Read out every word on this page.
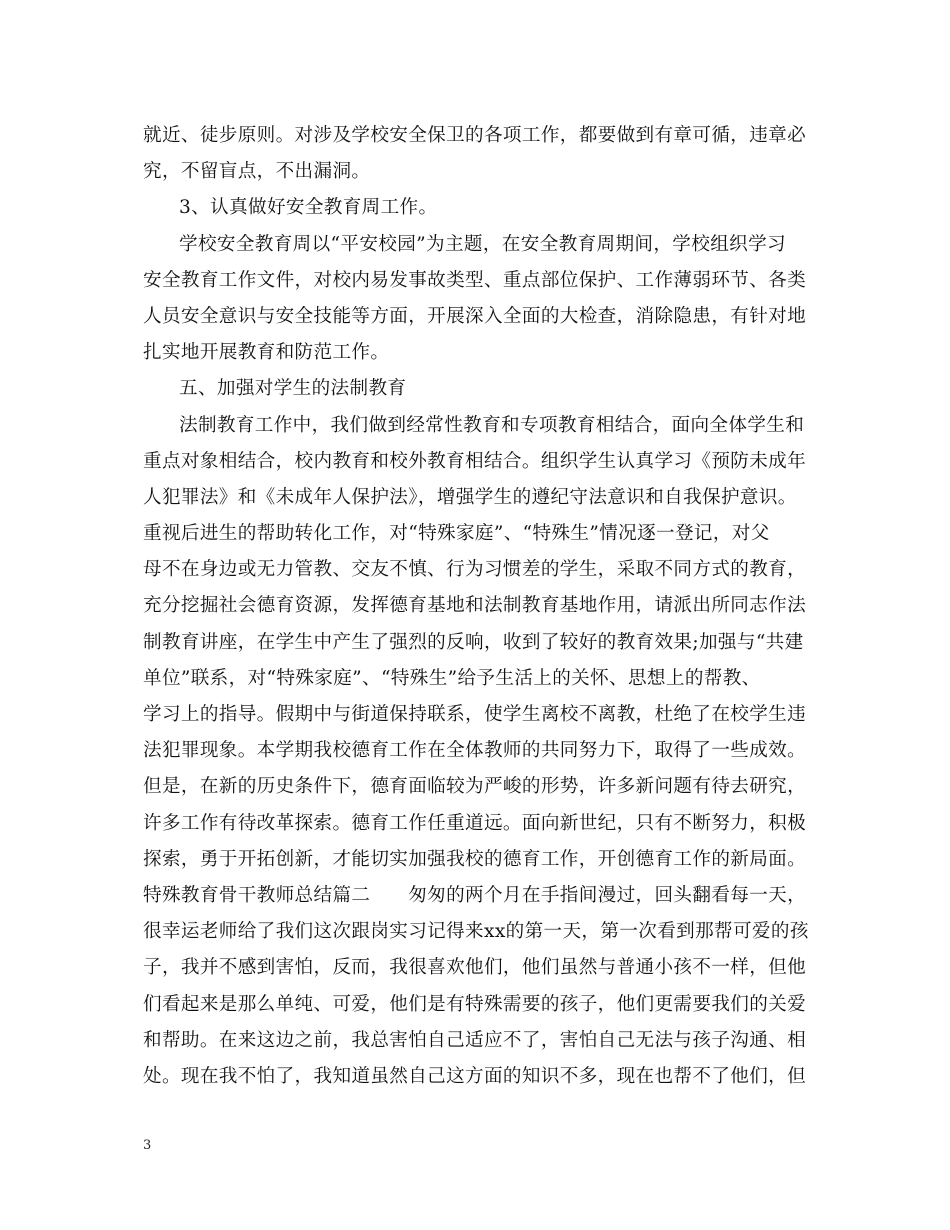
就近、徒步原则。对涉及学校安全保卫的各项工作，都要做到有章可循，违章必
究，不留盲点，不出漏洞。
3、认真做好安全教育周工作。
学校安全教育周以“平安校园”为主题，在安全教育周期间，学校组织学习
安全教育工作文件，对校内易发事故类型、重点部位保护、工作薄弱环节、各类
人员安全意识与安全技能等方面，开展深入全面的大检查，消除隐患，有针对地
扎实地开展教育和防范工作。
五、加强对学生的法制教育
法制教育工作中，我们做到经常性教育和专项教育相结合，面向全体学生和
重点对象相结合，校内教育和校外教育相结合。组织学生认真学习《预防未成年
人犯罪法》和《未成年人保护法》，增强学生的遵纪守法意识和自我保护意识。
重视后进生的帮助转化工作，对“特殊家庭”、“特殊生”情况逐一登记，对父
母不在身边或无力管教、交友不慎、行为习惯差的学生，采取不同方式的教育，
充分挖掘社会德育资源，发挥德育基地和法制教育基地作用，请派出所同志作法
制教育讲座，在学生中产生了强烈的反响，收到了较好的教育效果;加强与“共建
单位”联系，对“特殊家庭”、“特殊生”给予生活上的关怀、思想上的帮教、
学习上的指导。假期中与街道保持联系，使学生离校不离教，杜绝了在校学生违
法犯罪现象。本学期我校德育工作在全体教师的共同努力下，取得了一些成效。
但是，在新的历史条件下，德育面临较为严峻的形势，许多新问题有待去研究，
许多工作有待改革探索。德育工作任重道远。面向新世纪，只有不断努力，积极
探索，勇于开拓创新，才能切实加强我校的德育工作，开创德育工作的新局面。
特殊教育骨干教师总结篇二　　匆匆的两个月在手指间漫过，回头翻看每一天，
很幸运老师给了我们这次跟岗实习记得来xx的第一天，第一次看到那帮可爱的孩
子，我并不感到害怕，反而，我很喜欢他们，他们虽然与普通小孩不一样，但他
们看起来是那么单纯、可爱，他们是有特殊需要的孩子，他们更需要我们的关爱
和帮助。在来这边之前，我总害怕自己适应不了，害怕自己无法与孩子沟通、相
处。现在我不怕了，我知道虽然自己这方面的知识不多，现在也帮不了他们，但
3
